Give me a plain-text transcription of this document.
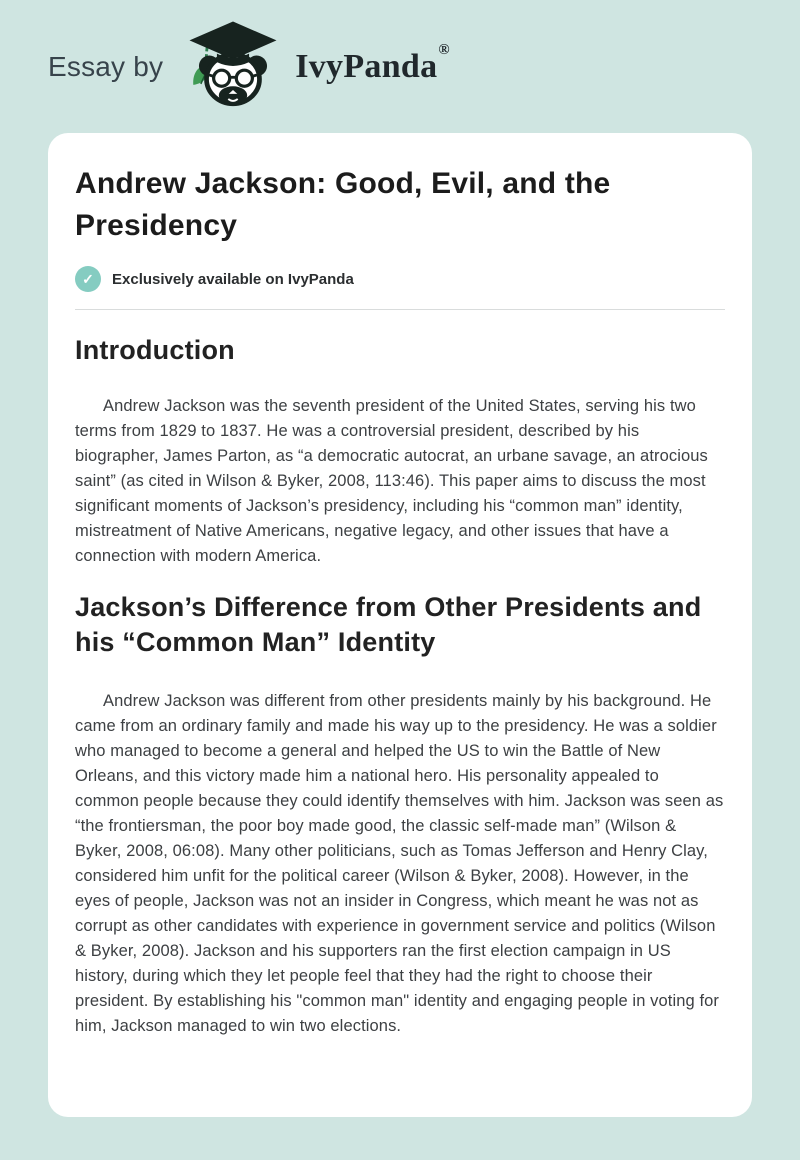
Essay by	IvyPanda®
Andrew Jackson: Good, Evil, and the Presidency
✓	Exclusively available on IvyPanda
Introduction

Andrew Jackson was the seventh president of the United States, serving his two terms from 1829 to 1837. He was a controversial president, described by his biographer, James Parton, as “a democratic autocrat, an urbane savage, an atrocious saint” (as cited in Wilson & Byker, 2008, 113:46). This paper aims to discuss the most significant moments of Jackson’s presidency, including his “common man” identity, mistreatment of Native Americans, negative legacy, and other issues that have a connection with modern America.

Jackson’s Difference from Other Presidents and his “Common Man” Identity

Andrew Jackson was different from other presidents mainly by his background. He came from an ordinary family and made his way up to the presidency. He was a soldier who managed to become a general and helped the US to win the Battle of New Orleans, and this victory made him a national hero. His personality appealed to common people because they could identify themselves with him. Jackson was seen as “the frontiersman, the poor boy made good, the classic self-made man” (Wilson & Byker, 2008, 06:08). Many other politicians, such as Tomas Jefferson and Henry Clay, considered him unfit for the political career (Wilson & Byker, 2008). However, in the eyes of people, Jackson was not an insider in Congress, which meant he was not as corrupt as other candidates with experience in government service and politics (Wilson & Byker, 2008). Jackson and his supporters ran the first election campaign in US history, during which they let people feel that they had the right to choose their president. By establishing his "common man" identity and engaging people in voting for him, Jackson managed to win two elections.
